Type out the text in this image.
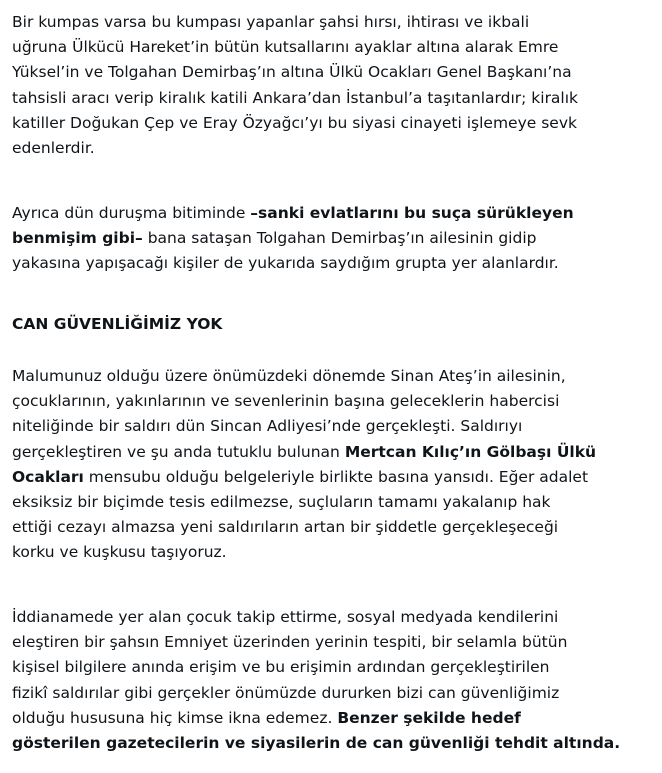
Bir kumpas varsa bu kumpası yapanlar şahsi hırsı, ihtirası ve ikbali
uğruna Ülkücü Hareket’in bütün kutsallarını ayaklar altına alarak Emre
Yüksel’in ve Tolgahan Demirbaş’ın altına Ülkü Ocakları Genel Başkanı’na
tahsisli aracı verip kiralık katili Ankara’dan İstanbul’a taşıtanlardır; kiralık
katiller Doğukan Çep ve Eray Özyağcı’yı bu siyasi cinayeti işlemeye sevk
edenlerdir.

Ayrıca dün duruşma bitiminde –sanki evlatlarını bu suça sürükleyen
benmişim gibi– bana sataşan Tolgahan Demirbaş’ın ailesinin gidip
yakasına yapışacağı kişiler de yukarıda saydığım grupta yer alanlardır.

CAN GÜVENLİĞİMİZ YOK

Malumunuz olduğu üzere önümüzdeki dönemde Sinan Ateş’in ailesinin,
çocuklarının, yakınlarının ve sevenlerinin başına geleceklerin habercisi
niteliğinde bir saldırı dün Sincan Adliyesi’nde gerçekleşti. Saldırıyı
gerçekleştiren ve şu anda tutuklu bulunan Mertcan Kılıç’ın Gölbaşı Ülkü
Ocakları mensubu olduğu belgeleriyle birlikte basına yansıdı. Eğer adalet
eksiksiz bir biçimde tesis edilmezse, suçluların tamamı yakalanıp hak
ettiği cezayı almazsa yeni saldırıların artan bir şiddetle gerçekleşeceği
korku ve kuşkusu taşıyoruz.

İddianamede yer alan çocuk takip ettirme, sosyal medyada kendilerini
eleştiren bir şahsın Emniyet üzerinden yerinin tespiti, bir selamla bütün
kişisel bilgilere anında erişim ve bu erişimin ardından gerçekleştirilen
fizikî saldırılar gibi gerçekler önümüzde dururken bizi can güvenliğimiz
olduğu hususuna hiç kimse ikna edemez. Benzer şekilde hedef
gösterilen gazetecilerin ve siyasilerin de can güvenliği tehdit altında.
